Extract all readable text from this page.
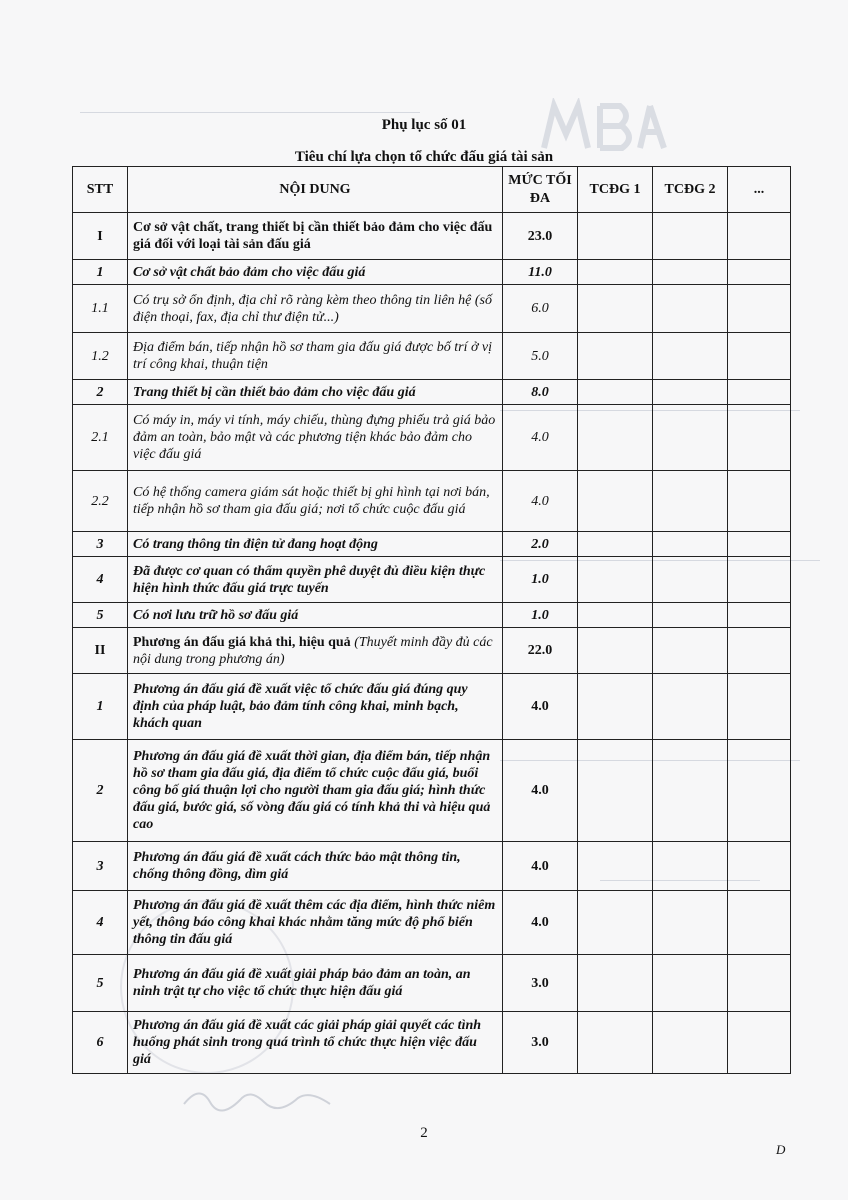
Phụ lục số 01
Tiêu chí lựa chọn tổ chức đấu giá tài sản
STT	NỘI DUNG	MỨC TỐI ĐA	TCĐG 1	TCĐG 2	...
I	Cơ sở vật chất, trang thiết bị cần thiết bảo đảm cho việc đấu giá đối với loại tài sản đấu giá	23.0			
1	Cơ sở vật chất bảo đảm cho việc đấu giá	11.0			
1.1	Có trụ sở ổn định, địa chỉ rõ ràng kèm theo thông tin liên hệ (số điện thoại, fax, địa chỉ thư điện tử...)	6.0			
1.2	Địa điểm bán, tiếp nhận hồ sơ tham gia đấu giá được bố trí ở vị trí công khai, thuận tiện	5.0			
2	Trang thiết bị cần thiết bảo đảm cho việc đấu giá	8.0			
2.1	Có máy in, máy vi tính, máy chiếu, thùng đựng phiếu trả giá bảo đảm an toàn, bảo mật và các phương tiện khác bảo đảm cho việc đấu giá	4.0			
2.2	Có hệ thống camera giám sát hoặc thiết bị ghi hình tại nơi bán, tiếp nhận hồ sơ tham gia đấu giá; nơi tổ chức cuộc đấu giá	4.0			
3	Có trang thông tin điện tử đang hoạt động	2.0			
4	Đã được cơ quan có thẩm quyền phê duyệt đủ điều kiện thực hiện hình thức đấu giá trực tuyến	1.0			
5	Có nơi lưu trữ hồ sơ đấu giá	1.0			
II	Phương án đấu giá khả thi, hiệu quả (Thuyết minh đầy đủ các nội dung trong phương án)	22.0			
1	Phương án đấu giá đề xuất việc tổ chức đấu giá đúng quy định của pháp luật, bảo đảm tính công khai, minh bạch, khách quan	4.0			
2	Phương án đấu giá đề xuất thời gian, địa điểm bán, tiếp nhận hồ sơ tham gia đấu giá, địa điểm tổ chức cuộc đấu giá, buổi công bố giá thuận lợi cho người tham gia đấu giá; hình thức đấu giá, bước giá, số vòng đấu giá có tính khả thi và hiệu quả cao	4.0			
3	Phương án đấu giá đề xuất cách thức bảo mật thông tin, chống thông đồng, dìm giá	4.0			
4	Phương án đấu giá đề xuất thêm các địa điểm, hình thức niêm yết, thông báo công khai khác nhằm tăng mức độ phổ biến thông tin đấu giá	4.0			
5	Phương án đấu giá đề xuất giải pháp bảo đảm an toàn, an ninh trật tự cho việc tổ chức thực hiện đấu giá	3.0			
6	Phương án đấu giá đề xuất các giải pháp giải quyết các tình huống phát sinh trong quá trình tổ chức thực hiện việc đấu giá	3.0			
2
D
